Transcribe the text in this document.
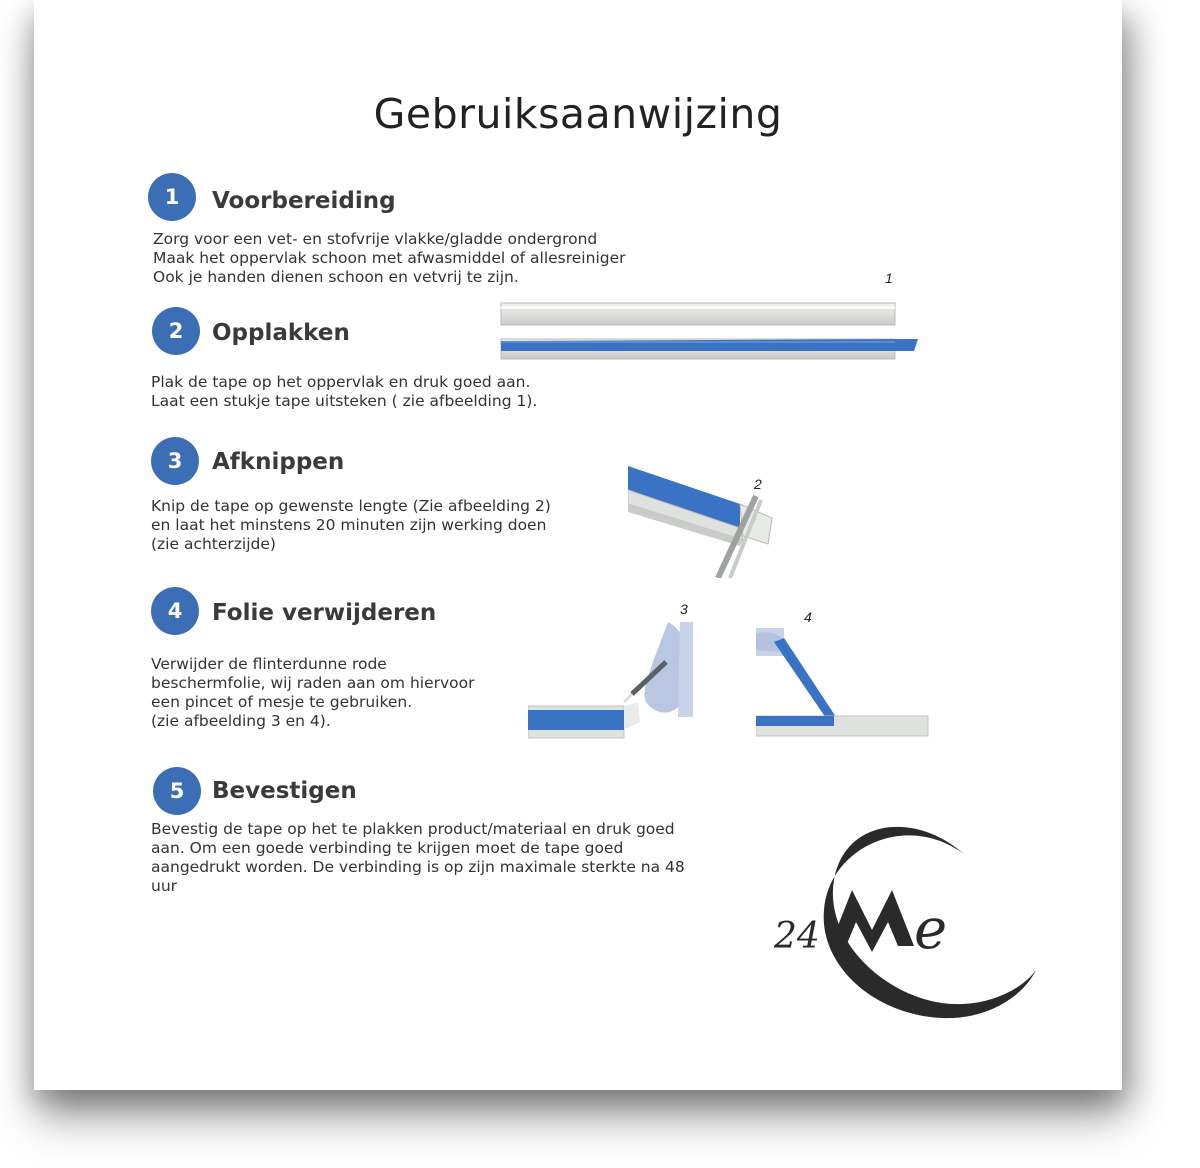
Gebruiksaanwijzing
1	Voorbereiding
Zorg voor een vet- en stofvrije vlakke/gladde ondergrond
Maak het oppervlak schoon met afwasmiddel of allesreiniger
Ook je handen dienen schoon en vetvrij te zijn.
2	Opplakken
Plak de tape op het oppervlak en druk goed aan.
Laat een stukje tape uitsteken ( zie afbeelding 1).
3	Afknippen
Knip de tape op gewenste lengte (Zie afbeelding 2)
en laat het minstens 20 minuten zijn werking doen
(zie achterzijde)
4	Folie verwijderen
Verwijder de flinterdunne rode
beschermfolie, wij raden aan om hiervoor
een pincet of mesje te gebruiken.
(zie afbeelding 3 en 4).
5	Bevestigen
Bevestig de tape op het te plakken product/materiaal en druk goed
aan. Om een goede verbinding te krijgen moet de tape goed
aangedrukt worden. De verbinding is op zijn maximale sterkte na 48
uur
1
2
3	4
24 e
